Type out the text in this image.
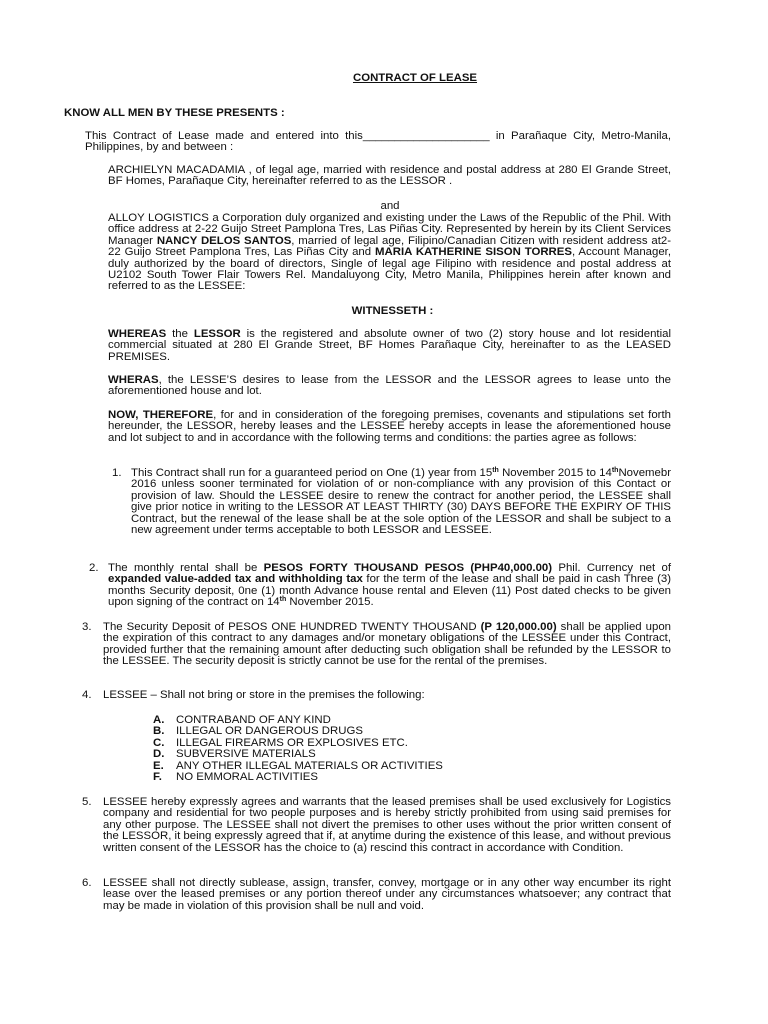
CONTRACT OF LEASE
KNOW ALL MEN BY THESE PRESENTS :

This Contract of Lease made and entered into this____________________ in Parañaque City, Metro-Manila, Philippines, by and between :

ARCHIELYN MACADAMIA , of legal age, married with residence and postal address at 280 El Grande Street, BF Homes, Parañaque City, hereinafter referred to as the LESSOR .

and

ALLOY LOGISTICS a Corporation duly organized and existing under the Laws of the Republic of the Phil. With office address at 2-22 Guijo Street Pamplona Tres, Las Piñas City. Represented by herein by its Client Services Manager NANCY DELOS SANTOS, married of legal age, Filipino/Canadian Citizen with resident address at2-22 Guijo Street Pamplona Tres, Las Piñas City and MARIA KATHERINE SISON TORRES, Account Manager, duly authorized by the board of directors, Single of legal age Filipino with residence and postal address at U2102 South Tower Flair Towers Rel. Mandaluyong City, Metro Manila, Philippines herein after known and referred to as the LESSEE:

WITNESSETH :

WHEREAS the LESSOR is the registered and absolute owner of two (2) story house and lot residential commercial situated at 280 El Grande Street, BF Homes Parañaque City, hereinafter to as the LEASED PREMISES.

WHERAS, the LESSE’S desires to lease from the LESSOR and the LESSOR agrees to lease unto the aforementioned house and lot.

NOW, THEREFORE, for and in consideration of the foregoing premises, covenants and stipulations set forth hereunder, the LESSOR, hereby leases and the LESSEE hereby accepts in lease the aforementioned house and lot subject to and in accordance with the following terms and conditions: the parties agree as follows:

1. This Contract shall run for a guaranteed period on One (1) year from 15th November 2015 to 14thNovemebr 2016 unless sooner terminated for violation of or non-compliance with any provision of this Contact or provision of law. Should the LESSEE desire to renew the contract for another period, the LESSEE shall give prior notice in writing to the LESSOR AT LEAST THIRTY (30) DAYS BEFORE THE EXPIRY OF THIS Contract, but the renewal of the lease shall be at the sole option of the LESSOR and shall be subject to a new agreement under terms acceptable to both LESSOR and LESSEE.

2. The monthly rental shall be PESOS FORTY THOUSAND PESOS (PHP40,000.00) Phil. Currency net of expanded value-added tax and withholding tax for the term of the lease and shall be paid in cash Three (3) months Security deposit, 0ne (1) month Advance house rental and Eleven (11) Post dated checks to be given upon signing of the contract on 14th November 2015.

3. The Security Deposit of PESOS ONE HUNDRED TWENTY THOUSAND (P 120,000.00) shall be applied upon the expiration of this contract to any damages and/or monetary obligations of the LESSEE under this Contract, provided further that the remaining amount after deducting such obligation shall be refunded by the LESSOR to the LESSEE. The security deposit is strictly cannot be use for the rental of the premises.

4. LESSEE – Shall not bring or store in the premises the following:

A. CONTRABAND OF ANY KIND
B. ILLEGAL OR DANGEROUS DRUGS
C. ILLEGAL FIREARMS OR EXPLOSIVES ETC.
D. SUBVERSIVE MATERIALS
E. ANY OTHER ILLEGAL MATERIALS OR ACTIVITIES
F. NO EMMORAL ACTIVITIES
5. LESSEE hereby expressly agrees and warrants that the leased premises shall be used exclusively for Logistics company and residential for two people purposes and is hereby strictly prohibited from using said premises for any other purpose. The LESSEE shall not divert the premises to other uses without the prior written consent of the LESSOR, it being expressly agreed that if, at anytime during the existence of this lease, and without previous written consent of the LESSOR has the choice to (a) rescind this contract in accordance with Condition.

6. LESSEE shall not directly sublease, assign, transfer, convey, mortgage or in any other way encumber its right lease over the leased premises or any portion thereof under any circumstances whatsoever; any contract that may be made in violation of this provision shall be null and void.
